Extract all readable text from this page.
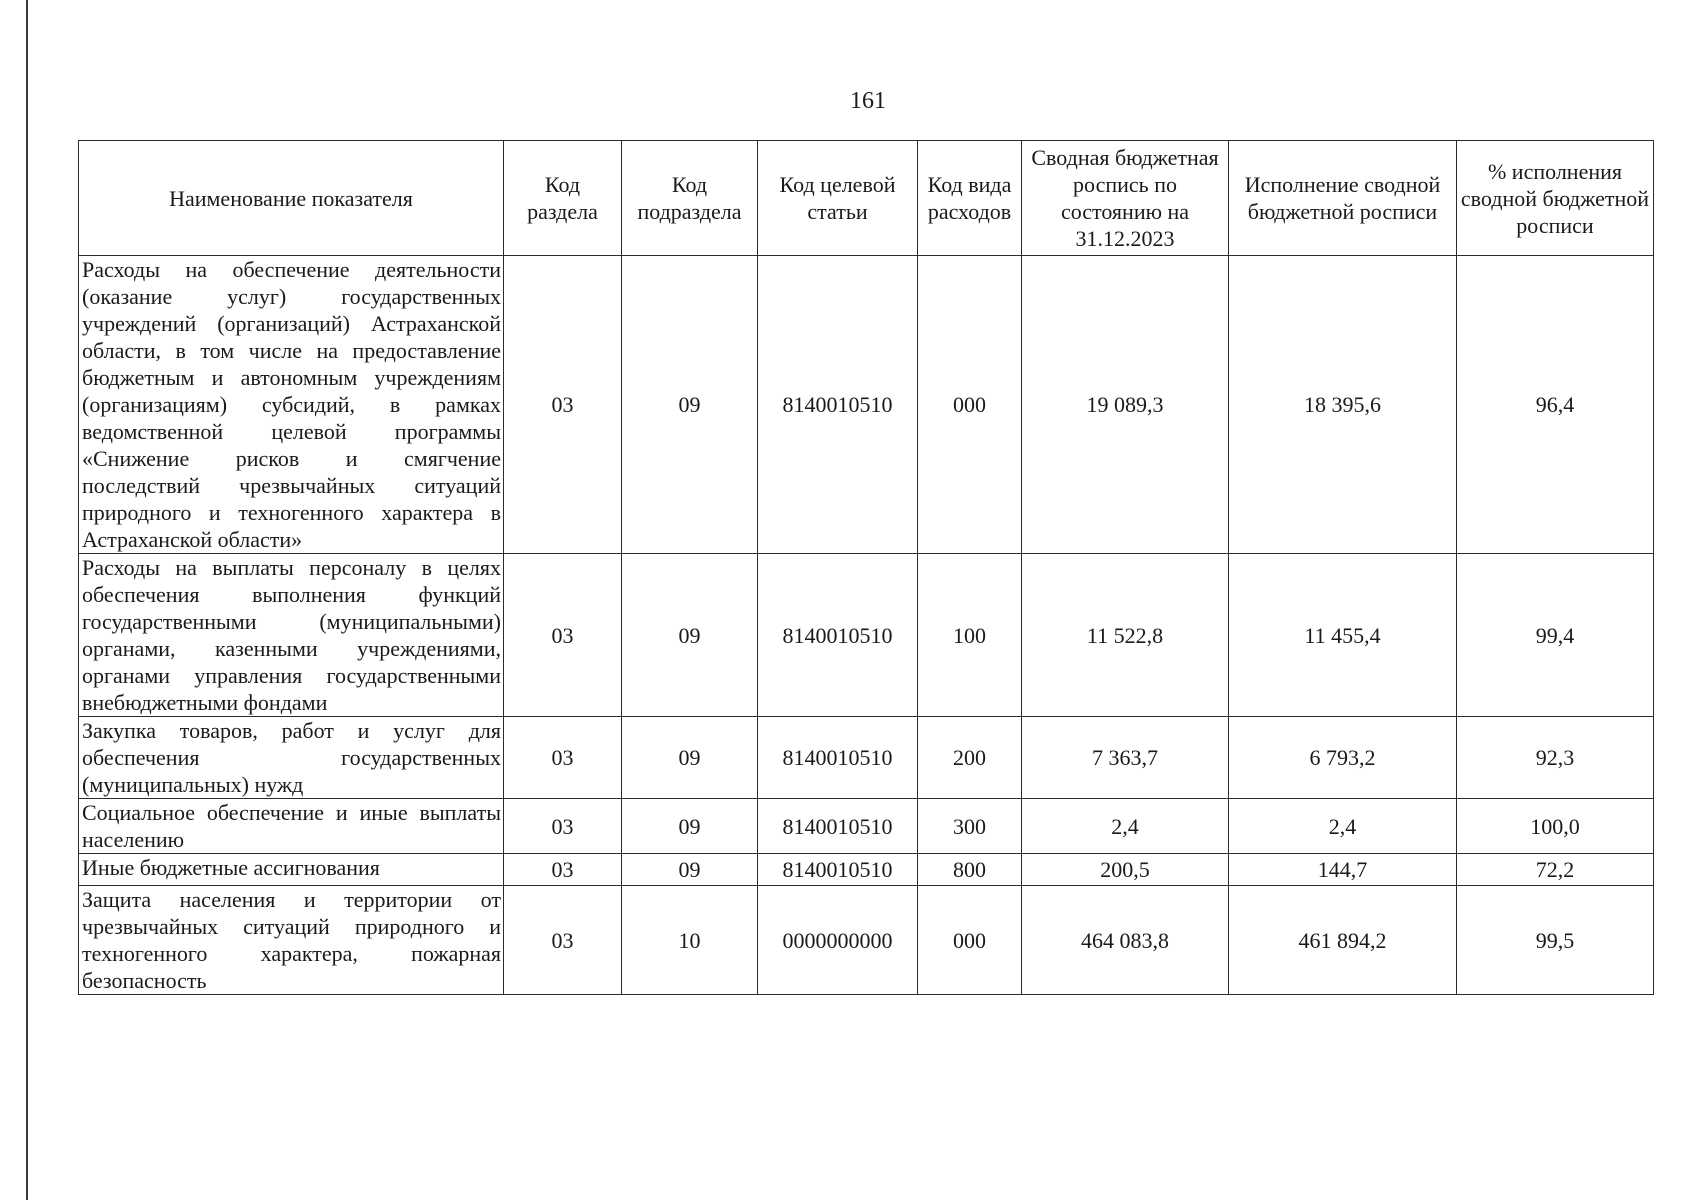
161
Наименование показателя	Код раздела	Код подраздела	Код целевой статьи	Код вида расходов	Сводная бюджетная роспись по состоянию на 31.12.2023	Исполнение сводной бюджетной росписи	% исполнения сводной бюджетной росписи
Расходы на обеспечение деятельности (оказание услуг) государственных учреждений (организаций) Астраханской области, в том числе на предоставление бюджетным и автономным учреждениям (организациям) субсидий, в рамках ведомственной целевой программы «Снижение рисков и смягчение последствий чрезвычайных ситуаций природного и техногенного характера в Астраханской области»	03	09	8140010510	000	19 089,3	18 395,6	96,4
Расходы на выплаты персоналу в целях обеспечения выполнения функций государственными (муниципальными) органами, казенными учреждениями, органами управления государственными внебюджетными фондами	03	09	8140010510	100	11 522,8	11 455,4	99,4
Закупка товаров, работ и услуг для обеспечения государственных (муниципальных) нужд	03	09	8140010510	200	7 363,7	6 793,2	92,3
Социальное обеспечение и иные выплаты населению	03	09	8140010510	300	2,4	2,4	100,0
Иные бюджетные ассигнования	03	09	8140010510	800	200,5	144,7	72,2
Защита населения и территории от чрезвычайных ситуаций природного и техногенного характера, пожарная безопасность	03	10	0000000000	000	464 083,8	461 894,2	99,5
